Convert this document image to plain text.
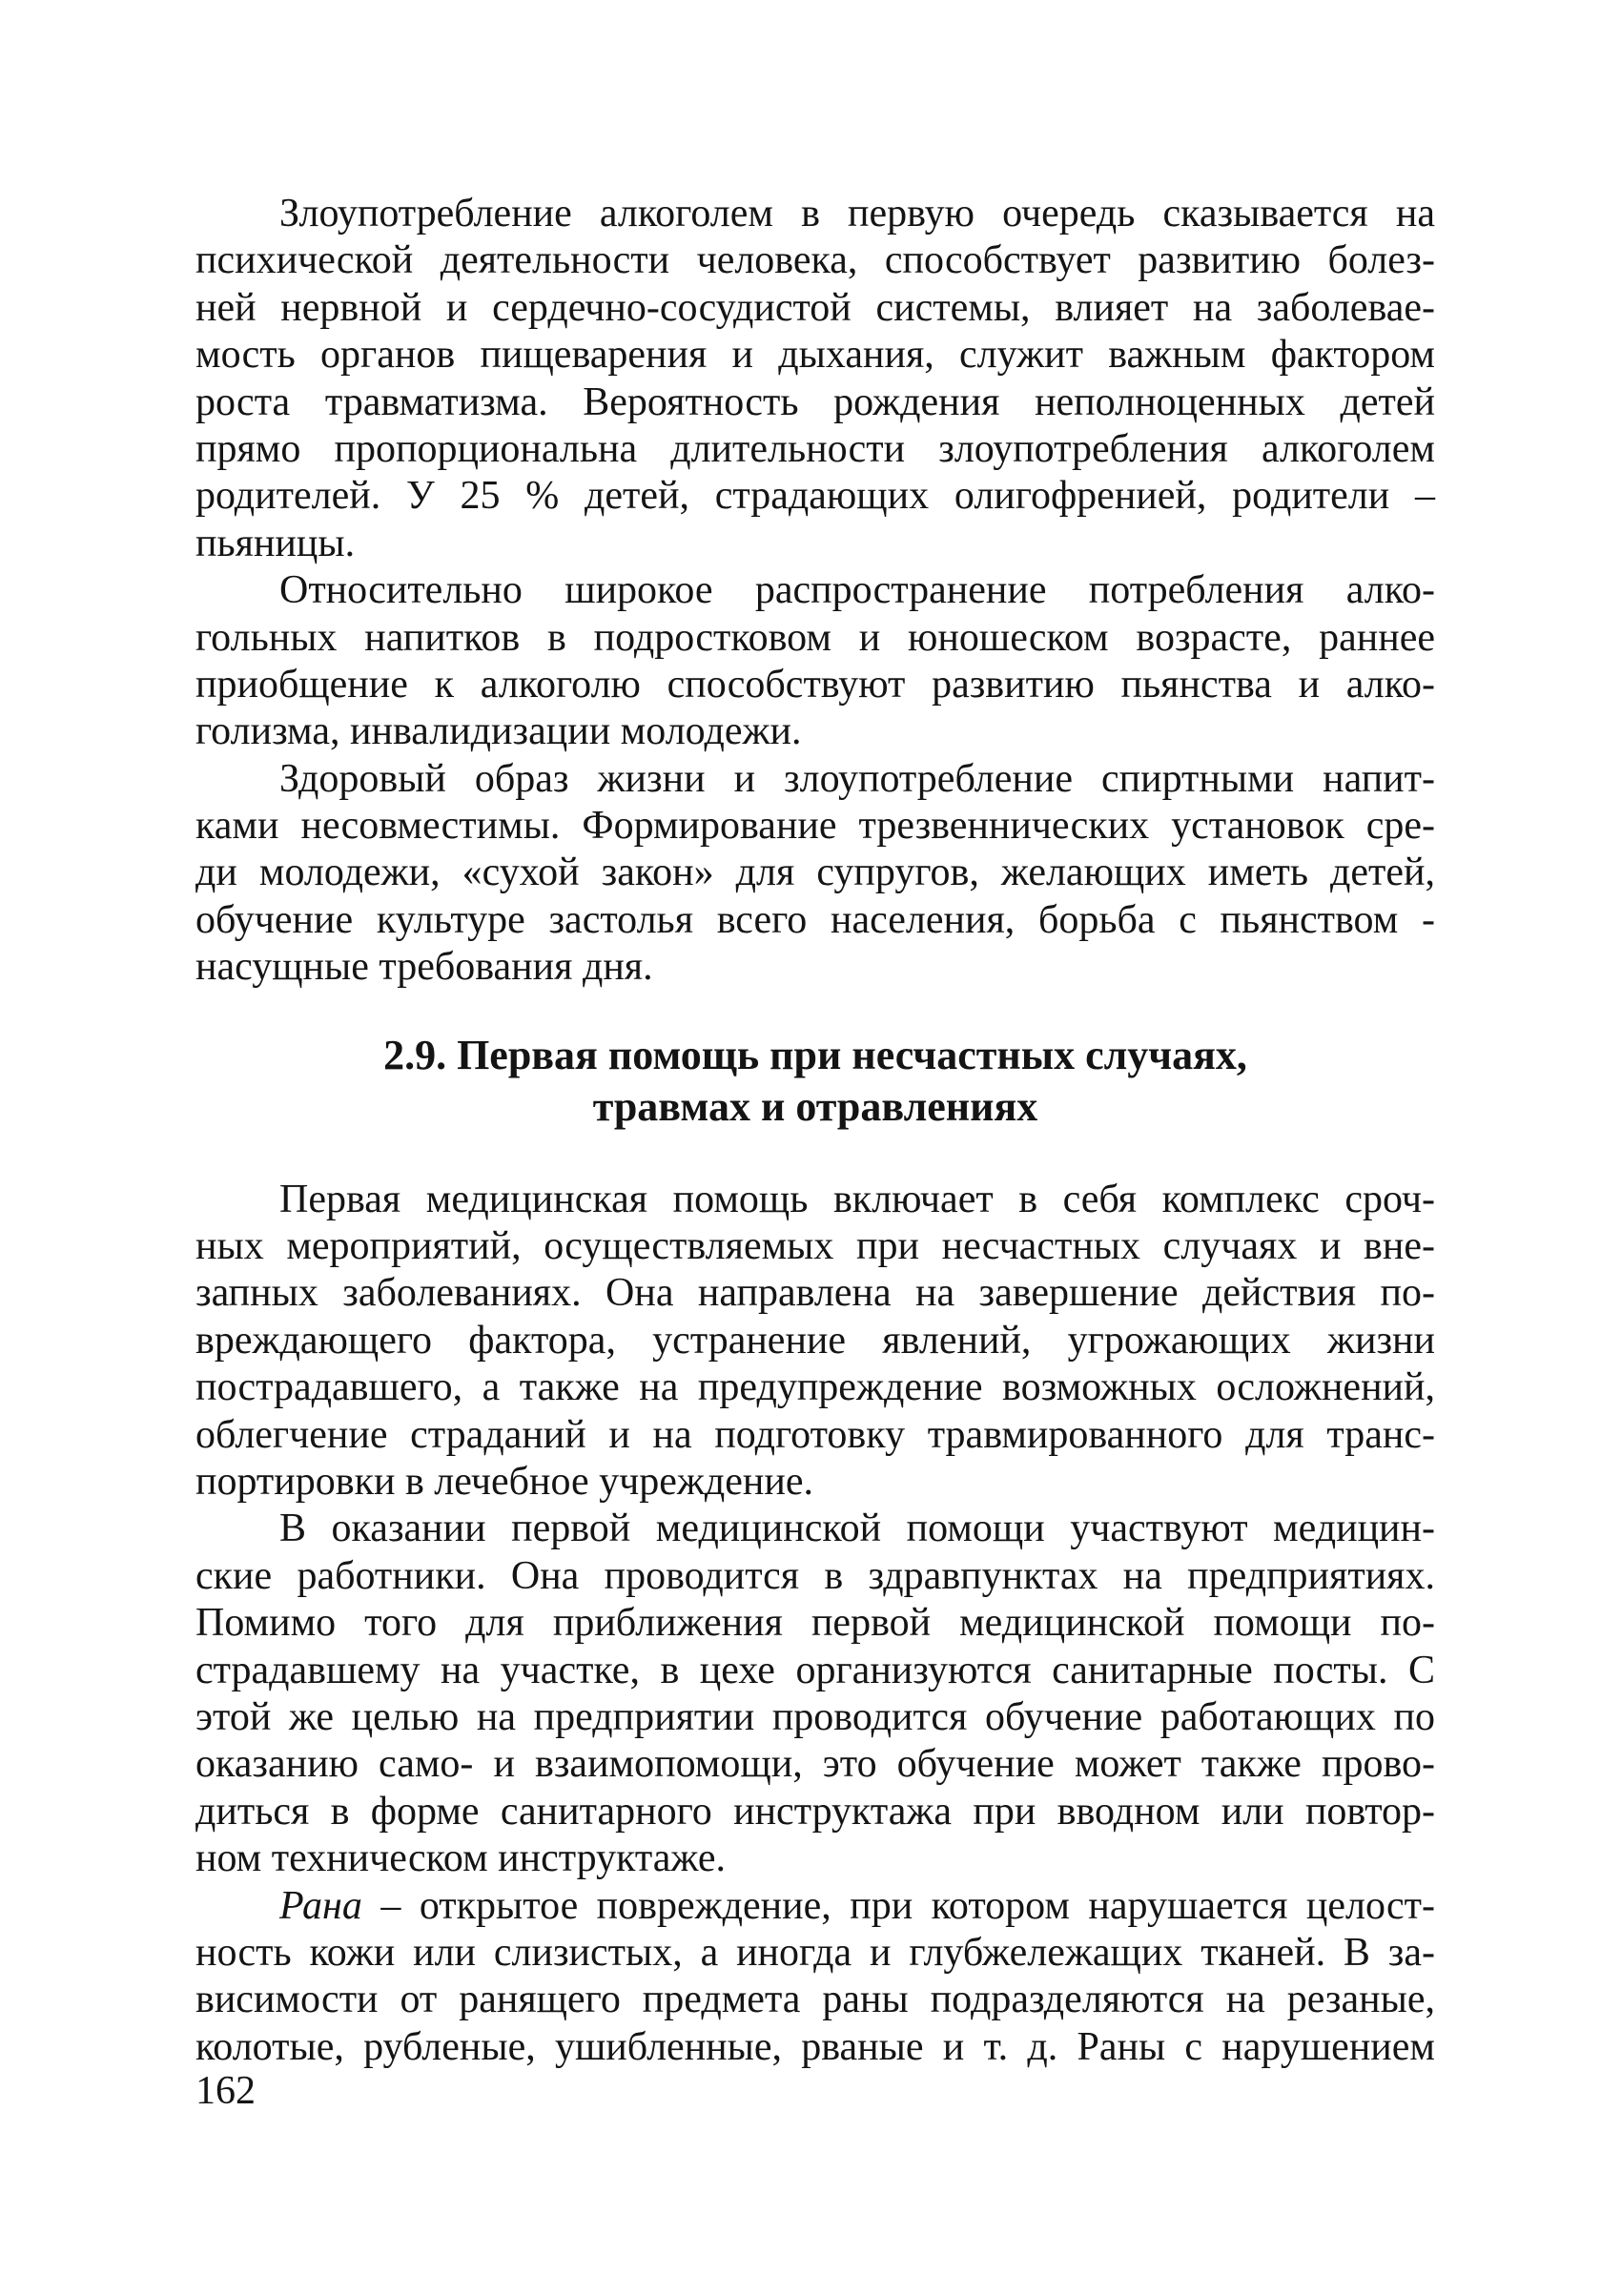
Злоупотребление алкоголем в первую очередь сказывается на
психической деятельности человека, способствует развитию болез-
ней нервной и сердечно-сосудистой системы, влияет на заболевае-
мость органов пищеварения и дыхания, служит важным фактором
роста травматизма. Вероятность рождения неполноценных детей
прямо пропорциональна длительности злоупотребления алкоголем
родителей. У 25 % детей, страдающих олигофренией, родители –
пьяницы.
Относительно широкое распространение потребления алко-
гольных напитков в подростковом и юношеском возрасте, раннее
приобщение к алкоголю способствуют развитию пьянства и алко-
голизма, инвалидизации молодежи.
Здоровый образ жизни и злоупотребление спиртными напит-
ками несовместимы. Формирование трезвеннических установок сре-
ди молодежи, «сухой закон» для супругов, желающих иметь детей,
обучение культуре застолья всего населения, борьба с пьянством -
насущные требования дня.
2.9. Первая помощь при несчастных случаях,
травмах и отравлениях
Первая медицинская помощь включает в себя комплекс сроч-
ных мероприятий, осуществляемых при несчастных случаях и вне-
запных заболеваниях. Она направлена на завершение действия по-
вреждающего фактора, устранение явлений, угрожающих жизни
пострадавшего, а также на предупреждение возможных осложнений,
облегчение страданий и на подготовку травмированного для транс-
портировки в лечебное учреждение.
В оказании первой медицинской помощи участвуют медицин-
ские работники. Она проводится в здравпунктах на предприятиях.
Помимо того для приближения первой медицинской помощи по-
страдавшему на участке, в цехе организуются санитарные посты. С
этой же целью на предприятии проводится обучение работающих по
оказанию само- и взаимопомощи, это обучение может также прово-
диться в форме санитарного инструктажа при вводном или повтор-
ном техническом инструктаже.
Рана – открытое повреждение, при котором нарушается целост-
ность кожи или слизистых, а иногда и глубжележащих тканей. В за-
висимости от ранящего предмета раны подразделяются на резаные,
колотые, рубленые, ушибленные, рваные и т. д. Раны с нарушением
162
